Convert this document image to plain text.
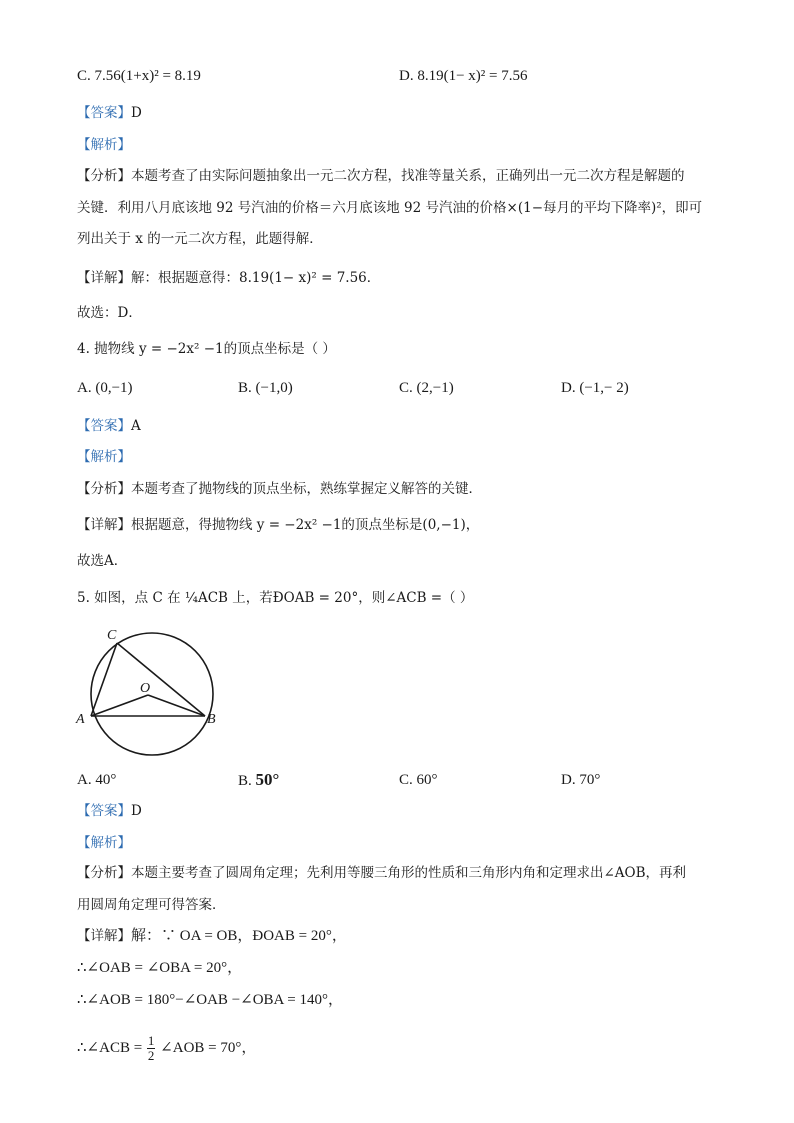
C. 7.56(1+x)² = 8.19	D. 8.19(1− x)² = 7.56
【答案】D
【解析】
【分析】本题考查了由实际问题抽象出一元二次方程，找准等量关系，正确列出一元二次方程是解题的
关键．利用八月底该地 92 号汽油的价格＝六月底该地 92 号汽油的价格×(1−每月的平均下降率)²，即可
列出关于 x 的一元二次方程，此题得解．
【详解】解：根据题意得：8.19(1− x)² = 7.56．
故选：D．
4. 抛物线 y = −2x² −1的顶点坐标是（ ）
A. (0,−1)	B. (−1,0)	C. (2,−1)	D. (−1,− 2)
【答案】A
【解析】
【分析】本题考查了抛物线的顶点坐标，熟练掌握定义解答的关键．
【详解】根据题意，得抛物线 y = −2x² −1的顶点坐标是(0,−1)，
故选A．
5. 如图，点 C 在 ¼ACB 上，若ÐOAB = 20°，则∠ACB =（ ）
C
O
A	B
A. 40°	B. 50°	C. 60°	D. 70°
【答案】D
【解析】
【分析】本题主要考查了圆周角定理；先利用等腰三角形的性质和三角形内角和定理求出∠AOB，再利
用圆周角定理可得答案．
【详解】解：∵ OA = OB，ÐOAB = 20°，
∴∠OAB = ∠OBA = 20°，
∴∠AOB = 180°−∠OAB −∠OBA = 140°，
∴∠ACB = $\frac{1}{2}$ ∠AOB = 70°，
